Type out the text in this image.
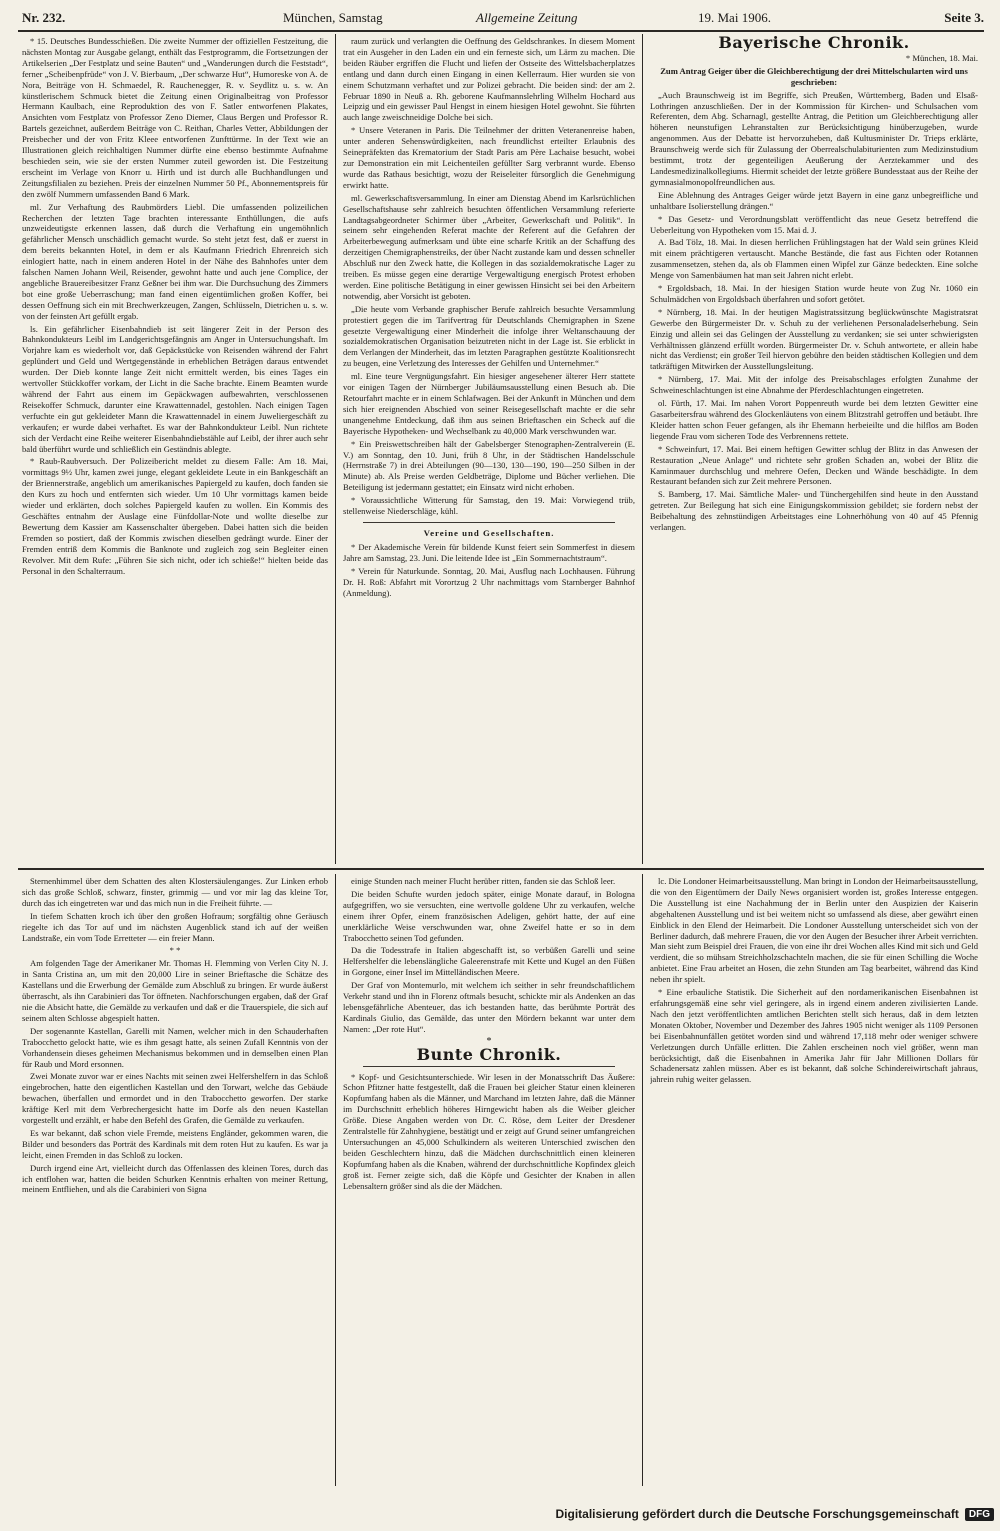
Nr. 232.	München, Samstag	Allgemeine Zeitung	19. Mai 1906.	Seite 3.

* 15. Deutsches Bundesschießen. Die zweite Nummer der offiziellen Festzeitung, die nächsten Montag zur Ausgabe gelangt, enthält das Festprogramm, die Fortsetzungen der Artikelserien „Der Festplatz und seine Bauten“ und „Wanderungen durch die Feststadt“, ferner „Scheibenpfrüde“ von J. V. Bierbaum, „Der schwarze Hut“, Humoreske von A. de Nora, Beiträge von H. Schmaedel, R. Rauchenegger, R. v. Seydlitz u. s. w. An künstlerischem Schmuck bietet die Zeitung einen Originalbeitrag von Professor Hermann Kaulbach, eine Reproduktion des von F. Satler entworfenen Plakates, Ansichten vom Festplatz von Professor Zeno Diemer, Claus Bergen und Professor R. Bartels gezeichnet, außerdem Beiträge von C. Reithan, Charles Vetter, Abbildungen der Preisbecher und der von Fritz Kleee entworfenen Zunfttürme. In der Text wie an Illustrationen gleich reichhaltigen Nummer dürfte eine ebenso bestimmte Aufnahme beschieden sein, wie sie der ersten Nummer zuteil geworden ist. Die Festzeitung erscheint im Verlage von Knorr u. Hirth und ist durch alle Buchhandlungen und Zeitungsfilialen zu beziehen. Preis der einzelnen Nummer 50 Pf., Abonnementspreis für den zwölf Nummern umfassenden Band 6 Mark.

ml. Zur Verhaftung des Raubmörders Liebl. Die umfassenden polizeilichen Recherchen der letzten Tage brachten interessante Enthüllungen, die aufs unzweideutigste erkennen lassen, daß durch die Verhaftung ein ungemöhnlich gefährlicher Mensch unschädlich gemacht wurde. So steht jetzt fest, daß er zuerst in dem bereits bekannten Hotel, in dem er als Kaufmann Friedrich Ehrenreich sich einlogiert hatte, nach in einem anderen Hotel in der Nähe des Bahnhofes unter dem falschen Namen Johann Weil, Reisender, gewohnt hatte und auch jene Complice, der angebliche Brauereibesitzer Franz Geßner bei ihm war. Die Durchsuchung des Zimmers bot eine große Ueberraschung; man fand einen eigentümlichen großen Koffer, bei dessen Oeffnung sich ein mit Brechwerkzeugen, Zangen, Schlüsseln, Dietrichen u. s. w. von der feinsten Art gefüllt ergab.

ls. Ein gefährlicher Eisenbahndieb ist seit längerer Zeit in der Person des Bahnkondukteurs Leibl im Landgerichtsgefängnis am Anger in Untersuchungshaft. Im Vorjahre kam es wiederholt vor, daß Gepäckstücke von Reisenden während der Fahrt geplündert und Geld und Wertgegenstände in erheblichen Beträgen daraus entwendet wurden. Der Dieb konnte lange Zeit nicht ermittelt werden, bis eines Tages ein wertvoller Stückkoffer vorkam, der Licht in die Sache brachte. Einem Beamten wurde während der Fahrt aus einem im Gepäckwagen aufbewahrten, verschlossenen Reisekoffer Schmuck, darunter eine Krawattennadel, gestohlen. Nach einigen Tagen verfuchte ein gut gekleideter Mann die Krawattennadel in einem Juweliergeschäft zu verkaufen; er wurde dabei verhaftet. Es war der Bahnkondukteur Leibl. Nun richtete sich der Verdacht eine Reihe weiterer Eisenbahndiebstähle auf Leibl, der ihrer auch sehr bald überführt wurde und schließlich ein Geständnis ablegte.

* Raub-Raubversuch. Der Polizeibericht meldet zu diesem Falle: Am 18. Mai, vormittags 9½ Uhr, kamen zwei junge, elegant gekleidete Leute in ein Bankgeschäft an der Briennerstraße, angeblich um amerikanisches Papiergeld zu kaufen, doch fanden sie den Kurs zu hoch und entfernten sich wieder. Um 10 Uhr vormittags kamen beide wieder und erklärten, doch solches Papiergeld kaufen zu wollen. Ein Kommis des Geschäftes entnahm der Auslage eine Fünfdollar-Note und wollte dieselbe zur Bewertung dem Kassier am Kassenschalter übergeben. Dabei hatten sich die beiden Fremden so postiert, daß der Kommis zwischen dieselben gedrängt wurde. Einer der Fremden entriß dem Kommis die Banknote und zugleich zog sein Begleiter einen Revolver. Mit dem Rufe: „Führen Sie sich nicht, oder ich schieße!“ hielten beide das Personal in den Schalterraum.

raum zurück und verlangten die Oeffnung des Geldschrankes. In diesem Moment trat ein Ausgeher in den Laden ein und ein ferneste sich, um Lärm zu machen. Die beiden Räuber ergriffen die Flucht und liefen der Ostseite des Wittelsbacherplatzes entlang und dann durch einen Eingang in einen Kellerraum. Hier wurden sie von einem Schutzmann verhaftet und zur Polizei gebracht. Die beiden sind: der am 2. Februar 1890 in Neuß a. Rh. geborene Kaufmannslehrling Wilhelm Hochard aus Leipzig und ein gewisser Paul Hengst in einem hiesigen Hotel gewohnt. Sie führten auch lange zweischneidige Dolche bei sich.

* Unsere Veteranen in Paris. Die Teilnehmer der dritten Veteranenreise haben, unter anderen Sehenswürdigkeiten, nach freundlichst erteilter Erlaubnis des Seinepräfekten das Krematorium der Stadt Paris am Père Lachaise besucht, wobei zur Demonstration ein mit Leichenteilen gefüllter Sarg verbrannt wurde. Ebenso wurde das Rathaus besichtigt, wozu der Reiseleiter fürsorglich die Genehmigung erwirkt hatte.

ml. Gewerkschaftsversammlung. In einer am Dienstag Abend im Karlsrüchlichen Gesellschaftshause sehr zahlreich besuchten öffentlichen Versammlung referierte Landtagsabgeordneter Schirmer über „Arbeiter, Gewerkschaft und Politik“. In seinem sehr eingehenden Referat machte der Referent auf die Gefahren der Arbeiterbewegung aufmerksam und übte eine scharfe Kritik an der Schaffung des derzeitigen Chemigraphenstreiks, der über Nacht zustande kam und dessen schneller Abschluß nur den Zweck hatte, die Kollegen in das sozialdemokratische Lager zu treiben. Es müsse gegen eine derartige Vergewaltigung energisch Protest erhoben werden. Eine politische Betätigung in einer gewissen Hinsicht sei bei den Arbeitern notwendig, aber Vorsicht ist geboten.

„Die heute vom Verbande graphischer Berufe zahlreich besuchte Versammlung protestiert gegen die im Tarifvertrag für Deutschlands Chemigraphen in Szene gesetzte Vergewaltigung einer Minderheit die infolge ihrer Weltanschauung der sozialdemokratischen Organisation beizutreten nicht in der Lage ist. Sie erblickt in dem Verlangen der Minderheit, das im letzten Paragraphen gestützte Koalitionsrecht zu beugen, eine Verletzung des Interesses der Gehilfen und Unternehmer.“

ml. Eine teure Vergnügungsfahrt. Ein hiesiger angesehener älterer Herr stattete vor einigen Tagen der Nürnberger Jubiläumsausstellung einen Besuch ab. Die Retourfahrt machte er in einem Schlafwagen. Bei der Ankunft in München und dem sich hier ereignenden Abschied von seiner Reisegesellschaft machte er die sehr unangenehme Entdeckung, daß ihm aus seinen Brieftaschen ein Scheck auf die Bayerische Hypotheken- und Wechselbank zu 40,000 Mark verschwunden war.

* Ein Preiswettschreiben hält der Gabelsberger Stenographen-Zentralverein (E. V.) am Sonntag, den 10. Juni, früh 8 Uhr, in der Städtischen Handelsschule (Herrnstraße 7) in drei Abteilungen (90—130, 130—190, 190—250 Silben in der Minute) ab. Als Preise werden Geldbeträge, Diplome und Bücher verliehen. Die Beteiligung ist jedermann gestattet; ein Einsatz wird nicht erhoben.

* Voraussichtliche Witterung für Samstag, den 19. Mai: Vorwiegend trüb, stellenweise Niederschläge, kühl.

Vereine und Gesellschaften.

* Der Akademische Verein für bildende Kunst feiert sein Sommerfest in diesem Jahre am Samstag, 23. Juni. Die leitende Idee ist „Ein Sommernachtstraum“.

* Verein für Naturkunde. Sonntag, 20. Mai, Ausflug nach Lochhausen. Führung Dr. H. Roß: Abfahrt mit Vorortzug 2 Uhr nachmittags vom Starnberger Bahnhof (Anmeldung).

Bayerische Chronik.

* München, 18. Mai.

Zum Antrag Geiger über die Gleichberechtigung der drei Mittelschularten wird uns geschrieben:

„Auch Braunschweig ist im Begriffe, sich Preußen, Württemberg, Baden und Elsaß-Lothringen anzuschließen. Der in der Kommission für Kirchen- und Schulsachen vom Referenten, dem Abg. Scharnagl, gestellte Antrag, die Petition um Gleichberechtigung aller höheren neunstufigen Lehranstalten zur Berücksichtigung hinüberzugeben, wurde angenommen. Aus der Debatte ist hervorzuheben, daß Kultusminister Dr. Trieps erklärte, Braunschweig werde sich für Zulassung der Oberrealschulabiturienten zum Medizinstudium bestimmt, trotz der gegenteiligen Aeußerung der Aerztekammer und des Landesmedizinalkollegiums. Hiermit scheidet der letzte größere Bundesstaat aus der Reihe der gymnasialmonopolfreundlichen aus.

Eine Ablehnung des Antrages Geiger würde jetzt Bayern in eine ganz unbegreifliche und unhaltbare Isolierstellung drängen.“

* Das Gesetz- und Verordnungsblatt veröffentlicht das neue Gesetz betreffend die Ueberleitung von Hypotheken vom 15. Mai d. J.

A. Bad Tölz, 18. Mai. In diesen herrlichen Frühlingstagen hat der Wald sein grünes Kleid mit einem prächtigeren vertauscht. Manche Bestände, die fast aus Fichten oder Rotannen zusammensetzen, stehen da, als ob Flammen einen Wipfel zur Gänze bedeckten. Eine solche Menge von Samenbäumen hat man seit Jahren nicht erlebt.

* Ergoldsbach, 18. Mai. In der hiesigen Station wurde heute von Zug Nr. 1060 ein Schulmädchen von Ergoldsbach überfahren und sofort getötet.

* Nürnberg, 18. Mai. In der heutigen Magistratssitzung beglückwünschte Magistratsrat Gewerbe den Bürgermeister Dr. v. Schuh zu der verliehenen Personaladelserhebung. Sein Einzig und allein sei das Gelingen der Ausstellung zu verdanken; sie sei unter schwierigsten Verhältnissen glänzend erfüllt worden. Bürgermeister Dr. v. Schuh antwortete, er allein habe nicht das Verdienst; ein großer Teil hiervon gebühre den beiden städtischen Kollegien und dem tatkräftigen Mitwirken der Ausstellungsleitung.

* Nürnberg, 17. Mai. Mit der infolge des Preisabschlages erfolgten Zunahme der Schweineschlachtungen ist eine Abnahme der Pferdeschlachtungen eingetreten.

ol. Fürth, 17. Mai. Im nahen Vorort Poppenreuth wurde bei dem letzten Gewitter eine Gasarbeitersfrau während des Glockenläutens von einem Blitzstrahl getroffen und betäubt. Ihre Kleider hatten schon Feuer gefangen, als ihr Ehemann herbeieilte und die hilflos am Boden liegende Frau vom sicheren Tode des Verbrennens rettete.

* Schweinfurt, 17. Mai. Bei einem heftigen Gewitter schlug der Blitz in das Anwesen der Restauration „Neue Anlage“ und richtete sehr großen Schaden an, wobei der Blitz die Kaminmauer durchschlug und mehrere Oefen, Decken und Wände beschädigte. In dem Restaurant befanden sich zur Zeit mehrere Personen.

S. Bamberg, 17. Mai. Sämtliche Maler- und Tünchergehilfen sind heute in den Ausstand getreten. Zur Beilegung hat sich eine Einigungskommission gebildet; sie fordern nebst der Beibehaltung des zehnstündigen Arbeitstages eine Lohnerhöhung von 40 auf 45 Pfennig verlangen.

Sternenhimmel über dem Schatten des alten Klostersäulenganges. Zur Linken erhob sich das große Schloß, schwarz, finster, grimmig — und vor mir lag das kleine Tor, durch das ich eingetreten war und das mich nun in die Freiheit führte. —

In tiefem Schatten kroch ich über den großen Hofraum; sorgfältig ohne Geräusch riegelte ich das Tor auf und im nächsten Augenblick stand ich auf der weißen Landstraße, ein vom Tode Erretteter — ein freier Mann.

* *

Am folgenden Tage der Amerikaner Mr. Thomas H. Flemming von Verlen City N. J. in Santa Cristina an, um mit den 20,000 Lire in seiner Brieftasche die Schätze des Kastellans und die Erwerbung der Gemälde zum Abschluß zu bringen. Er wurde äußerst überrascht, als ihn Carabinieri das Tor öffneten. Nachforschungen ergaben, daß der Graf nie die Absicht hatte, die Gemälde zu verkaufen und daß er die Trauerspiele, die sich auf seinem alten Schlosse abgespielt hatten.

Der sogenannte Kastellan, Garelli mit Namen, welcher mich in den Schauderhaften Trabocchetto gelockt hatte, wie es ihm gesagt hatte, als seinen Zufall Kenntnis von der Vorhandensein dieses geheimen Mechanismus bekommen und in demselben einen Plan für Raub und Mord ersonnen.

Zwei Monate zuvor war er eines Nachts mit seinen zwei Helfershelfern in das Schloß eingebrochen, hatte den eigentlichen Kastellan und den Torwart, welche das Gebäude bewachen, überfallen und ermordet und in den Trabocchetto geworfen. Der starke kräftige Kerl mit dem Verbrechergesicht hatte im Dorfe als den neuen Kastellan vorgestellt und erzählt, er habe den Befehl des Grafen, die Gemälde zu verkaufen.

Es war bekannt, daß schon viele Fremde, meistens Engländer, gekommen waren, die Bilder und besonders das Porträt des Kardinals mit dem roten Hut zu kaufen. Es war ja leicht, einen Fremden in das Schloß zu locken.

Durch irgend eine Art, vielleicht durch das Offenlassen des kleinen Tores, durch das ich entflohen war, hatten die beiden Schurken Kenntnis erhalten von meiner Rettung, meinem Entfliehen, und als die Carabinieri von Signa

einige Stunden nach meiner Flucht herüber ritten, fanden sie das Schloß leer.

Die beiden Schufte wurden jedoch später, einige Monate darauf, in Bologna aufgegriffen, wo sie versuchten, eine wertvolle goldene Uhr zu verkaufen, welche einem ihrer Opfer, einem französischen Adeligen, gehört hatte, der auf eine unerklärliche Weise verschwunden war, ohne Zweifel hatte er so in dem Trabocchetto seinen Tod gefunden.

Da die Todesstrafe in Italien abgeschafft ist, so verbüßen Garelli und seine Helfershelfer die lebenslängliche Galeerenstrafe mit Kette und Kugel an den Füßen in Gorgone, einer Insel im Mittelländischen Meere.

Der Graf von Montemurlo, mit welchem ich seither in sehr freundschaftlichem Verkehr stand und ihn in Florenz oftmals besucht, schickte mir als Andenken an das lebensgefährliche Abenteuer, das ich bestanden hatte, das berühmte Porträt des Kardinals Giulio, das Gemälde, das unter den Mördern bekannt war unter dem Namen: „Der rote Hut“.

*
Bunte Chronik.

* Kopf- und Gesichtsunterschiede. Wir lesen in der Monatsschrift Das Äußere: Schon Pfitzner hatte festgestellt, daß die Frauen bei gleicher Statur einen kleineren Kopfumfang haben als die Männer, und Marchand im letzten Jahre, daß die Männer im Durchschnitt erheblich höheres Hirngewicht haben als die Weiber gleicher Größe. Diese Angaben werden von Dr. C. Röse, dem Leiter der Dresdener Zentralstelle für Zahnhygiene, bestätigt und er zeigt auf Grund seiner umfangreichen Untersuchungen an 45,000 Schulkindern als weiteren Unterschied zwischen den beiden Geschlechtern hinzu, daß die Mädchen durchschnittlich einen kleineren Kopfumfang haben als die Knaben, während der durchschnittliche Kopfindex gleich groß ist. Ferner zeigte sich, daß die Köpfe und Gesichter der Knaben in allen Lebensaltern größer sind als die der Mädchen.

lc. Die Londoner Heimarbeitsausstellung. Man bringt in London der Heimarbeitsausstellung, die von den Eigentümern der Daily News organisiert worden ist, großes Interesse entgegen. Die Ausstellung ist eine Nachahmung der in Berlin unter den Auspizien der Kaiserin abgehaltenen Ausstellung und ist bei weitem nicht so umfassend als diese, aber gewährt einen Einblick in den Elend der Heimarbeit. Die Londoner Ausstellung unterscheidet sich von der Berliner dadurch, daß mehrere Frauen, die vor den Augen der Besucher ihrer Arbeit verrichten. Man sieht zum Beispiel drei Frauen, die von eine ihr drei Wochen alles Kind mit sich und Geld verdient, die so mühsam Streichholzschachteln machen, die sie für einen Schilling die Woche anbietet. Eine Frau arbeitet an Hosen, die zehn Stunden am Tag bearbeitet, während das Kind neben ihr spielt.

* Eine erbauliche Statistik. Die Sicherheit auf den nordamerikanischen Eisenbahnen ist erfahrungsgemäß eine sehr viel geringere, als in irgend einem anderen zivilisierten Lande. Nach den jetzt veröffentlichten amtlichen Berichten stellt sich heraus, daß in dem letzten Monaten Oktober, November und Dezember des Jahres 1905 nicht weniger als 1109 Personen bei Eisenbahnunfällen getötet worden sind und während 17,118 mehr oder weniger schwere Verletzungen durch Unfälle erlitten. Die Zahlen erscheinen noch viel größer, wenn man berücksichtigt, daß die Eisenbahnen in Amerika Jahr für Jahr Millionen Dollars für Schadenersatz zahlen müssen. Aber es ist bekannt, daß solche Schindereiwirtschaft jahraus, jahrein ruhig weiter gelassen.

Digitalisierung gefördert durch die Deutsche Forschungsgemeinschaft	DFG
